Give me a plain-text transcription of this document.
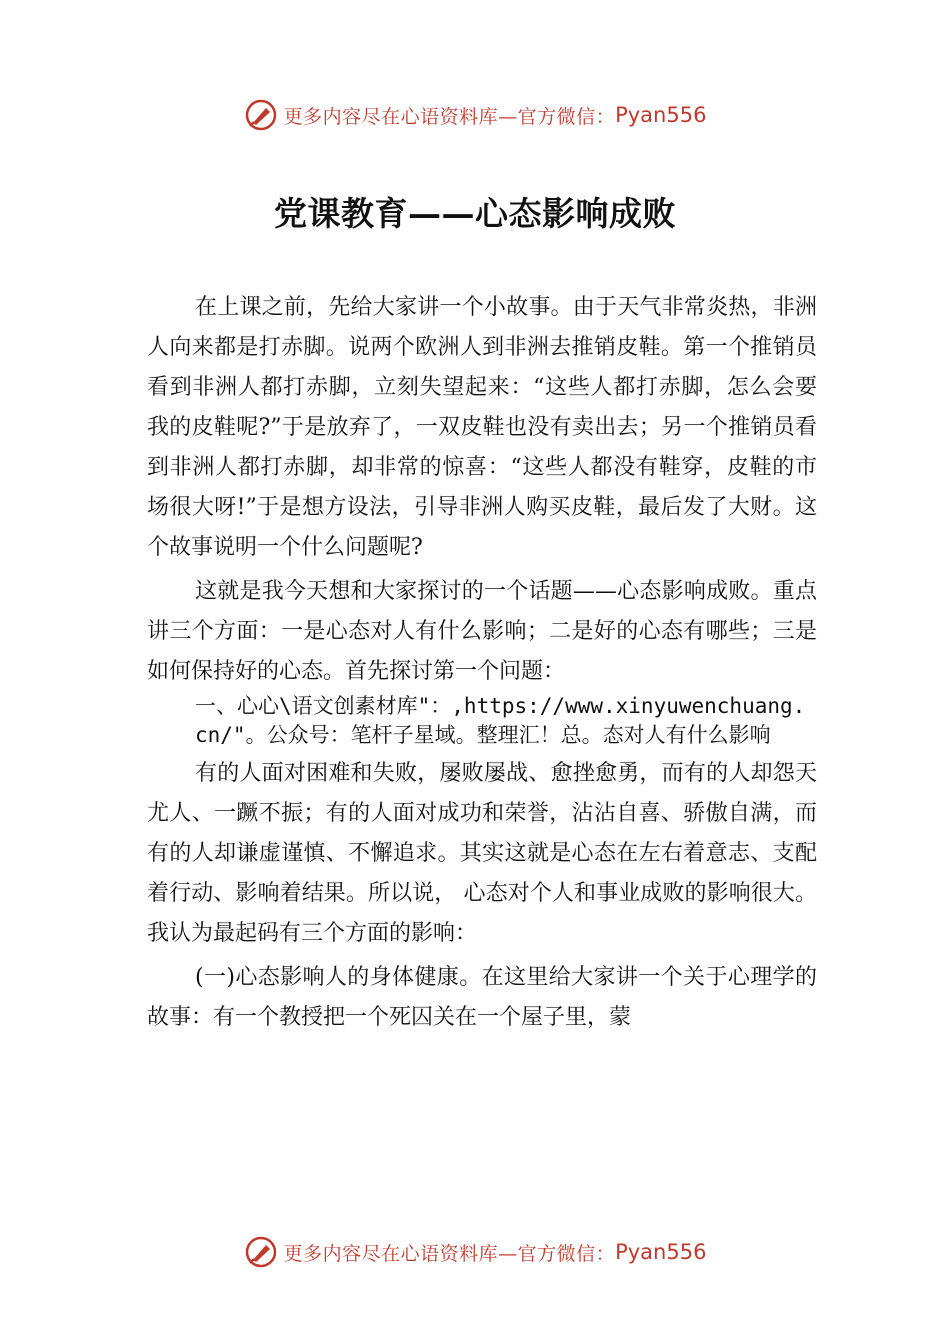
更多内容尽在心语资料库—官方微信： Pyan556
党课教育——心态影响成败

在上课之前，先给大家讲一个小故事。由于天气非常炎热，非洲人向来都是打赤脚。说两个欧洲人到非洲去推销皮鞋。第一个推销员看到非洲人都打赤脚，立刻失望起来：“这些人都打赤脚，怎么会要我的皮鞋呢?”于是放弃了，一双皮鞋也没有卖出去；另一个推销员看到非洲人都打赤脚，却非常的惊喜：“这些人都没有鞋穿，皮鞋的市场很大呀!”于是想方设法，引导非洲人购买皮鞋，最后发了大财。这个故事说明一个什么问题呢?

这就是我今天想和大家探讨的一个话题——心态影响成败。重点讲三个方面：一是心态对人有什么影响；二是好的心态有哪些；三是如何保持好的心态。首先探讨第一个问题：

一、心心\语文创素材库"：,https://www.xinyuwenchuang.cn/"。公众号：笔杆子星域。整理汇！总。态对人有什么影响

有的人面对困难和失败，屡败屡战、愈挫愈勇，而有的人却怨天尤人、一蹶不振；有的人面对成功和荣誉，沾沾自喜、骄傲自满，而有的人却谦虚谨慎、不懈追求。其实这就是心态在左右着意志、支配着行动、影响着结果。所以说， 心态对个人和事业成败的影响很大。我认为最起码有三个方面的影响：

(一)心态影响人的身体健康。在这里给大家讲一个关于心理学的故事：有一个教授把一个死囚关在一个屋子里，蒙

更多内容尽在心语资料库—官方微信： Pyan556
